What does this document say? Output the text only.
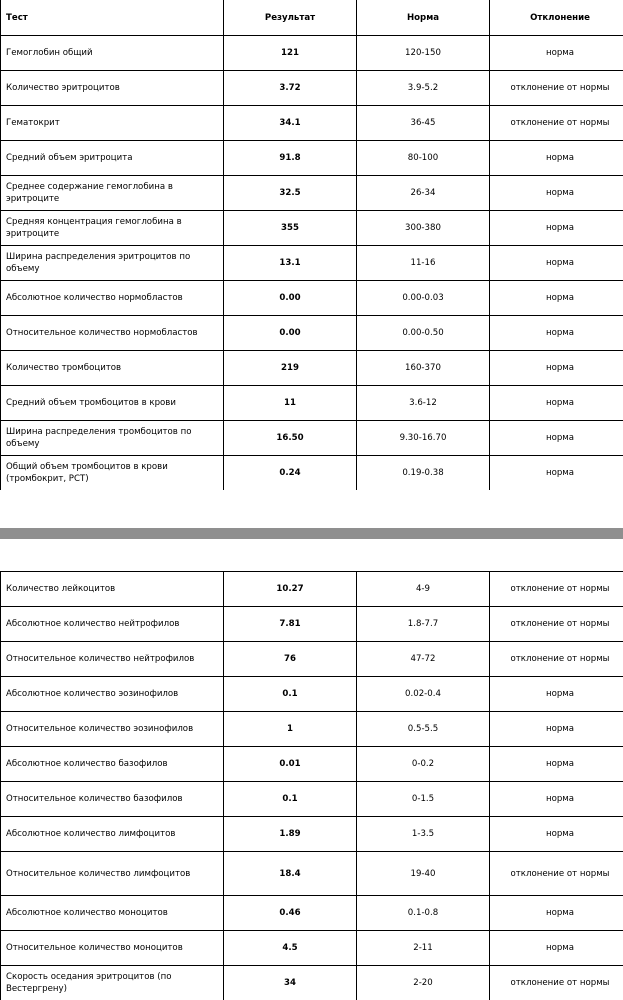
Тест	Результат	Норма	Отклонение
Гемоглобин общий	121	120-150	норма
Количество эритроцитов	3.72	3.9-5.2	отклонение от нормы
Гематокрит	34.1	36-45	отклонение от нормы
Средний объем эритроцита	91.8	80-100	норма
Среднее содержание гемоглобина в эритроците	32.5	26-34	норма
Средняя концентрация гемоглобина в эритроците	355	300-380	норма
Ширина распределения эритроцитов по объему	13.1	11-16	норма
Абсолютное количество нормобластов	0.00	0.00-0.03	норма
Относительное количество нормобластов	0.00	0.00-0.50	норма
Количество тромбоцитов	219	160-370	норма
Средний объем тромбоцитов в крови	11	3.6-12	норма
Ширина распределения тромбоцитов по объему	16.50	9.30-16.70	норма
Общий объем тромбоцитов в крови (тромбокрит, PCT)	0.24	0.19-0.38	норма
Количество лейкоцитов	10.27	4-9	отклонение от нормы
Абсолютное количество нейтрофилов	7.81	1.8-7.7	отклонение от нормы
Относительное количество нейтрофилов	76	47-72	отклонение от нормы
Абсолютное количество эозинофилов	0.1	0.02-0.4	норма
Относительное количество эозинофилов	1	0.5-5.5	норма
Абсолютное количество базофилов	0.01	0-0.2	норма
Относительное количество базофилов	0.1	0-1.5	норма
Абсолютное количество лимфоцитов	1.89	1-3.5	норма
Относительное количество лимфоцитов	18.4	19-40	отклонение от нормы
Абсолютное количество моноцитов	0.46	0.1-0.8	норма
Относительное количество моноцитов	4.5	2-11	норма
Скорость оседания эритроцитов (по Вестергрену)	34	2-20	отклонение от нормы
